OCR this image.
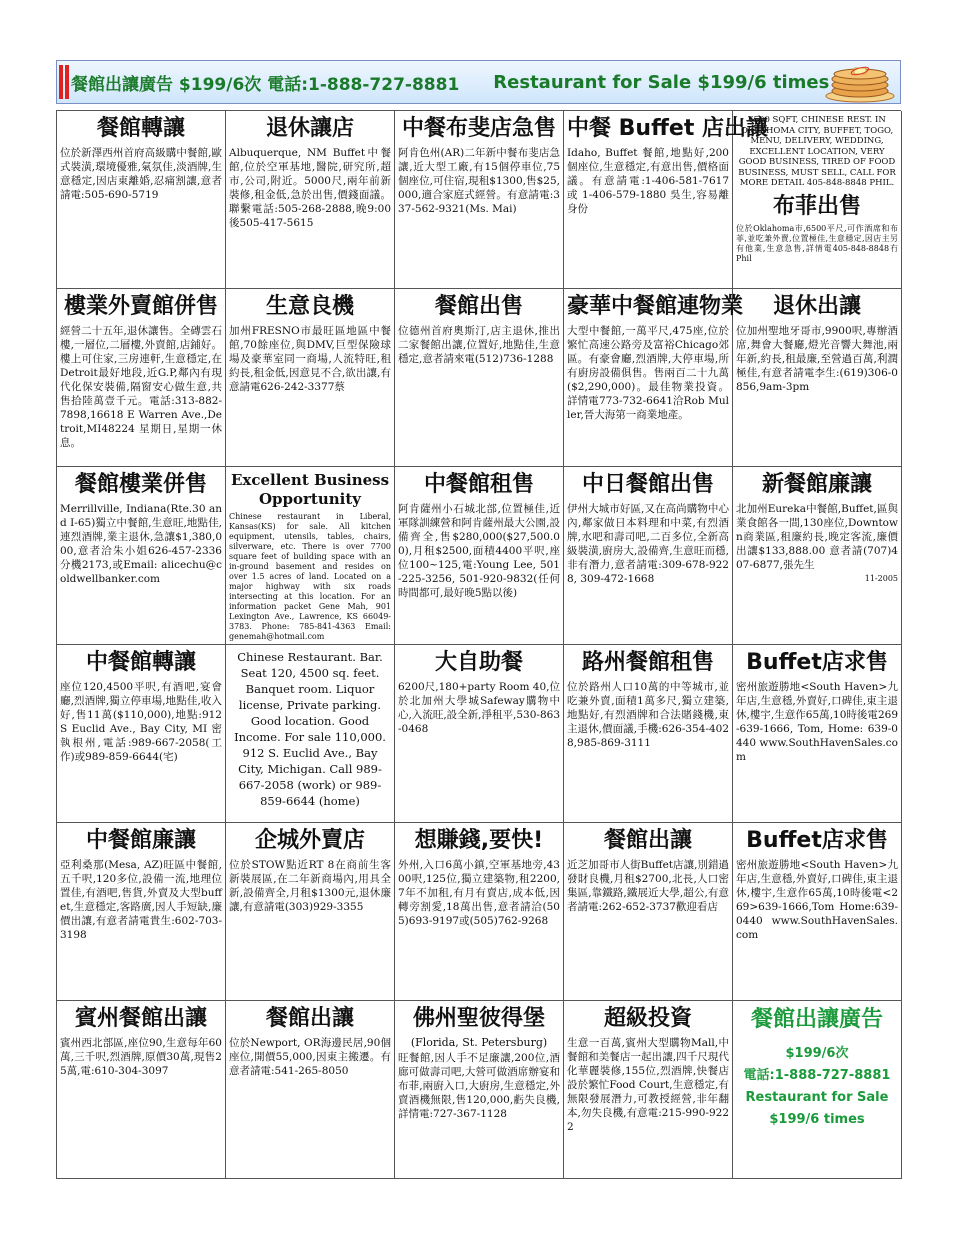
餐館出讓廣告 $199/6次 電話:1-888-727-8881 Restaurant for Sale $199/6 times
餐館轉讓
位於新澤西州首府高級購中餐館,歐式裝潢,環境優雅,氣氛佳,淡酒牌,生意穩定,因店東離婚,忍痛割讓,意者請電:505-690-5719
退休讓店
Albuquerque, NM Buffet中餐館,位於空軍基地,醫院,研究所,超市,公司,附近。5000尺,兩年前新裝修,租金低,急於出售,價錢面議。聯繫電話:505-268-2888,晚9:00後505-417-5615
中餐布斐店急售
阿肯色州(AR)二年新中餐布斐店急讓,近大型工廠,有15個停車位,75個座位,可住宿,現租$1300,售$25,000,適合家庭式經營。有意請電:337-562-9321(Ms. Mai)
中餐 Buffet 店出讓
Idaho, Buffet 餐館,地點好,200 個座位,生意穩定,有意出售,價格面議。有意請電:1-406-581-7617 或 1-406-579-1880 吳生,容易離身份
6500 SQFT, CHINESE REST. IN OKLAHOMA CITY, BUFFET, TOGO, MENU, DELIVERY, WEDDING, EXCELLENT LOCATION, VERY GOOD BUSINESS, TIRED OF FOOD BUSINESS, MUST SELL, CALL FOR MORE DETAIL 405-848-8848 PHIL.
布菲出售
位於Oklahoma市,6500平尺,可作酒席和布菲,並吃兼外賣,位置極佳,生意穩定,因店主另有他業,生意急售,詳情電405-848-8848冇Phil
樓業外賣館併售
經營二十五年,退休讓售。全磚雲石樓,一層位,二層樓,外賣館,店鋪好。樓上可住家,三房連軒,生意穩定,在Detroit最好地段,近G.P,鄰內有現代化保安裝備,隔窗安心做生意,共售拾陸萬壹千元。電話:313-882-7898,16618 E Warren Ave.,Detroit,MI48224 星期日,星期一休息。
生意良機
加州FRESNO市最旺區地區中餐館,70餘座位,與DMV,巨型保險球場及豪華室同一商場,人流特旺,租約長,租金低,因意見不合,欲出讓,有意請電626-242-3377蔡
餐館出售
位德州首府奧斯汀,店主退休,推出二家餐館出讓,位置好,地點佳,生意穩定,意者請來電(512)736-1288
豪華中餐館連物業
大型中餐館,一萬平尺,475座,位於繁忙高速公路旁及富裕Chicago郊區。有豪會廳,烈酒牌,大停車場,所有廚房設備俱售。售兩百二十九萬($2,290,000)。最佳物業投資。詳情電773-732-6641洽Rob Muller,晉大海第一商業地產。
退休出讓
位加州聖地牙哥市,9900呎,專辦酒席,舞會大餐廳,燈光音響大舞池,兩年新,約長,租最廉,至營過百萬,利潤極佳,有意者請電李生:(619)306-0856,9am-3pm
餐館樓業併售
Merrillville, Indiana(Rte.30 and I-65)獨立中餐館,生意旺,地點佳,連烈酒牌,業主退休,急讓$1,380,000,意者洽朱小姐626-457-2336分機2173,或Email: alicechu@coldwellbanker.com
Excellent Business Opportunity
Chinese restaurant in Liberal, Kansas(KS) for sale. All kitchen equipment, utensils, tables, chairs, silverware, etc. There is over 7700 square feet of building space with an in-ground basement and resides on over 1.5 acres of land. Located on a major highway with six roads intersecting at this location. For an information packet Gene Mah, 901 Lexington Ave., Lawrence, KS 66049-3783. Phone: 785-841-4363 Email: genemah@hotmail.com
中餐館租售
阿肯薩州小石城北部,位置極佳,近軍隊訓練營和阿肯薩州最大公園,設備齊全,售$280,000($27,500.00),月租$2500,面積4400平呎,座位100~125,電:Young Lee, 501-225-3256, 501-920-9832(任何時間都可,最好晚5點以後)
中日餐館出售
伊州大城市好區,又在高尚購物中心內,鄰家做日本料理和中菜,有烈酒牌,水吧和壽司吧,二百多位,全新高級裝潢,廚房大,設備齊,生意旺而穩,非有潛力,意者請電:309-678-9228, 309-472-1668
新餐館廉讓
北加州Eureka中餐館,Buffet,區與業食館各一間,130座位,Downtown商業區,租廉約長,晚定客流,廉價出讓$133,888.00 意者請(707)407-6877,張先生
11-2005
中餐館轉讓
座位120,4500平呎,有酒吧,宴會廳,烈酒牌,獨立停車場,地點佳,收入好,售11萬($110,000),地點:912 S Euclid Ave., Bay City, MI 密執根州,電話:989-667-2058(工作)或989-859-6644(宅)
Chinese Restaurant. Bar. Seat 120, 4500 sq. feet. Banquet room. Liquor license, Private parking. Good location. Good Income. For sale 110,000. 912 S. Euclid Ave., Bay City, Michigan. Call 989-667-2058 (work) or 989-859-6644 (home)
大自助餐
6200尺,180+party Room 40,位於北加州大學城Safeway購物中心,入流旺,設全新,淨租平,530-863-0468
路州餐館租售
位於路州人口10萬的中等城市,並吃兼外賣,面積1萬多尺,獨立建築,地點好,有烈酒牌和合法賭錢機,東主退休,價面議,手機:626-354-4028,985-869-3111
Buffet店求售
密州旅遊勝地<South Haven>九年店,生意穩,外賣好,口碑佳,東主退休,樓宇,生意作65萬,10時後電269-639-1666, Tom, Home: 639-0440 www.SouthHavenSales.com
中餐館廉讓
亞利桑那(Mesa, AZ)旺區中餐館,五千呎,120多位,設備一流,地理位置佳,有酒吧,售貨,外賣及大型buffet,生意穩定,客路廣,因人手短缺,廉價出讓,有意者請電貴生:602-703-3198
企城外賣店
位於STOW點近RT 8在商前生客新裝展區,在二年新商場內,用具全新,設備齊全,月租$1300元,退休廉讓,有意請電(303)929-3355
想賺錢,要快!
外州,入口6萬小鎮,空軍基地旁,4300呎,125位,獨立建築物,租2200,7年不加租,有月有賣店,成本低,因轉旁割愛,18萬出售,意者請洽(505)693-9197或(505)762-9268
餐館出讓
近芝加哥市人街Buffet店讓,別錯過發財良機,月租$2700,北長,人口密集區,靠鐵路,鐵展近大學,超公,有意者請電:262-652-3737歡迎看店
Buffet店求售
密州旅遊勝地<South Haven>九年店,生意穩,外賣好,口碑佳,東主退休,樓宇,生意作65萬,10時後電<269>639-1666,Tom Home:639-0440 www.SouthHavenSales.com
賓州餐館出讓
賓州西北部區,座位90,生意每年60萬,三千呎,烈酒牌,原價30萬,現售25萬,電:610-304-3097
餐館出讓
位於Newport, OR海邊民居,90個座位,開價55,000,因東主搬遷。有意者請電:541-265-8050
佛州聖彼得堡
(Florida, St. Petersburg)
旺餐館,因人手不足廉讓,200位,酒廊可做壽司吧,大營可做酒席辦宴和布菲,兩廚入口,大廚房,生意穩定,外賣酒機無限,售120,000,虧失良機,詳情電:727-367-1128
超級投資
生意一百萬,賓州大型購物Mall,中餐館和美餐店一起出讓,四千尺現代化華麗裝修,155位,烈酒牌,快餐店設於繁忙Food Court,生意穩定,有無限發展潛力,可教授經營,非年翻本,勿失良機,有意電:215-990-9222
餐館出讓廣告
$199/6次
電話:1-888-727-8881
Restaurant for Sale
$199/6 times
